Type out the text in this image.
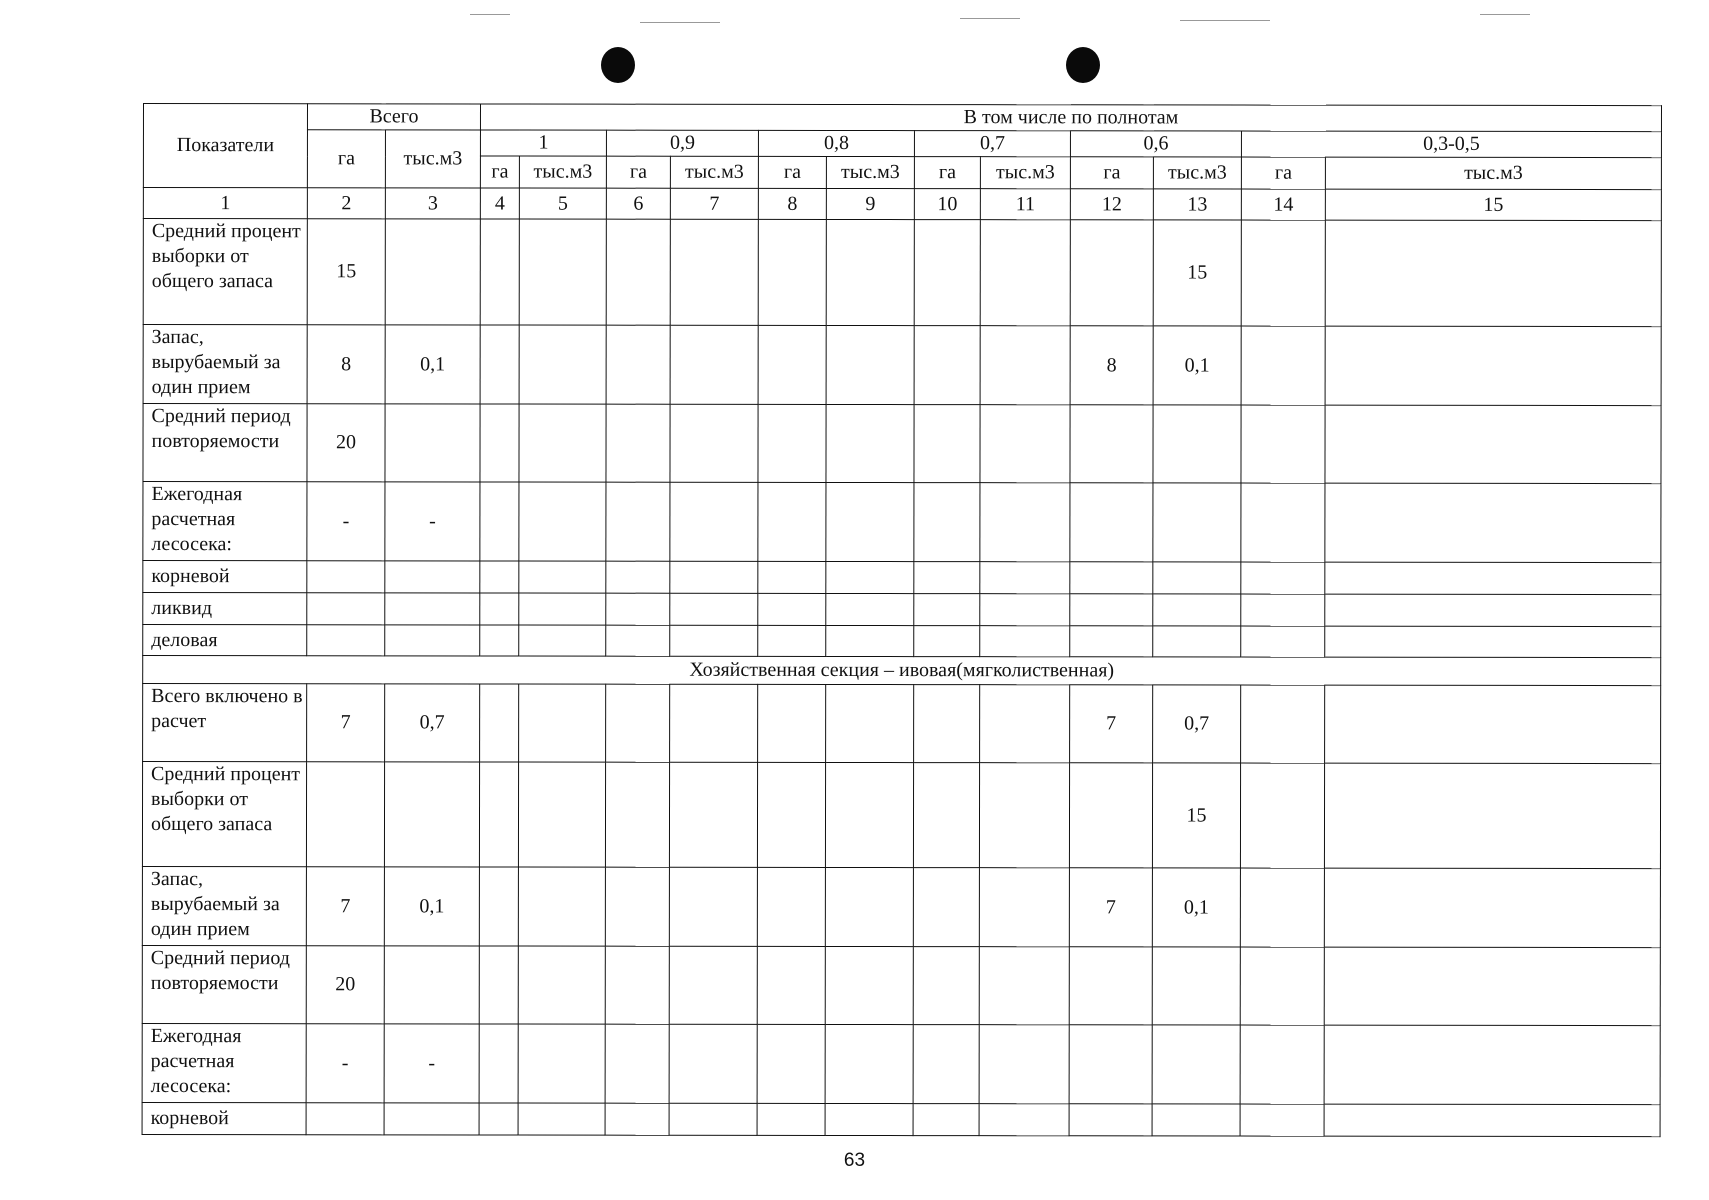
Показатели	Всего		В том числе по полнотам											
	га	тыс.м3	1		0,9		0,8		0,7		0,6		0,3-0,5	
			га	тыс.м3	га	тыс.м3	га	тыс.м3	га	тыс.м3	га	тыс.м3	га	тыс.м3
1	2	3	4	5	6	7	8	9	10	11	12	13	14	15
Средний процент выборки от общего запаса	15											15		
Запас, вырубаемый за один прием	8	0,1									8	0,1		
Средний период повторяемости	20													
Ежегодная расчетная лесосека:	-	-												
корневой														
ликвид														
деловая														
Хозяйственная секция – ивовая(мягколиственная)														
Всего включено в расчет	7	0,7									7	0,7		
Средний процент выборки от общего запаса												15		
Запас, вырубаемый за один прием	7	0,1									7	0,1		
Средний период повторяемости	20													
Ежегодная расчетная лесосека:	-	-												
корневой														
63
